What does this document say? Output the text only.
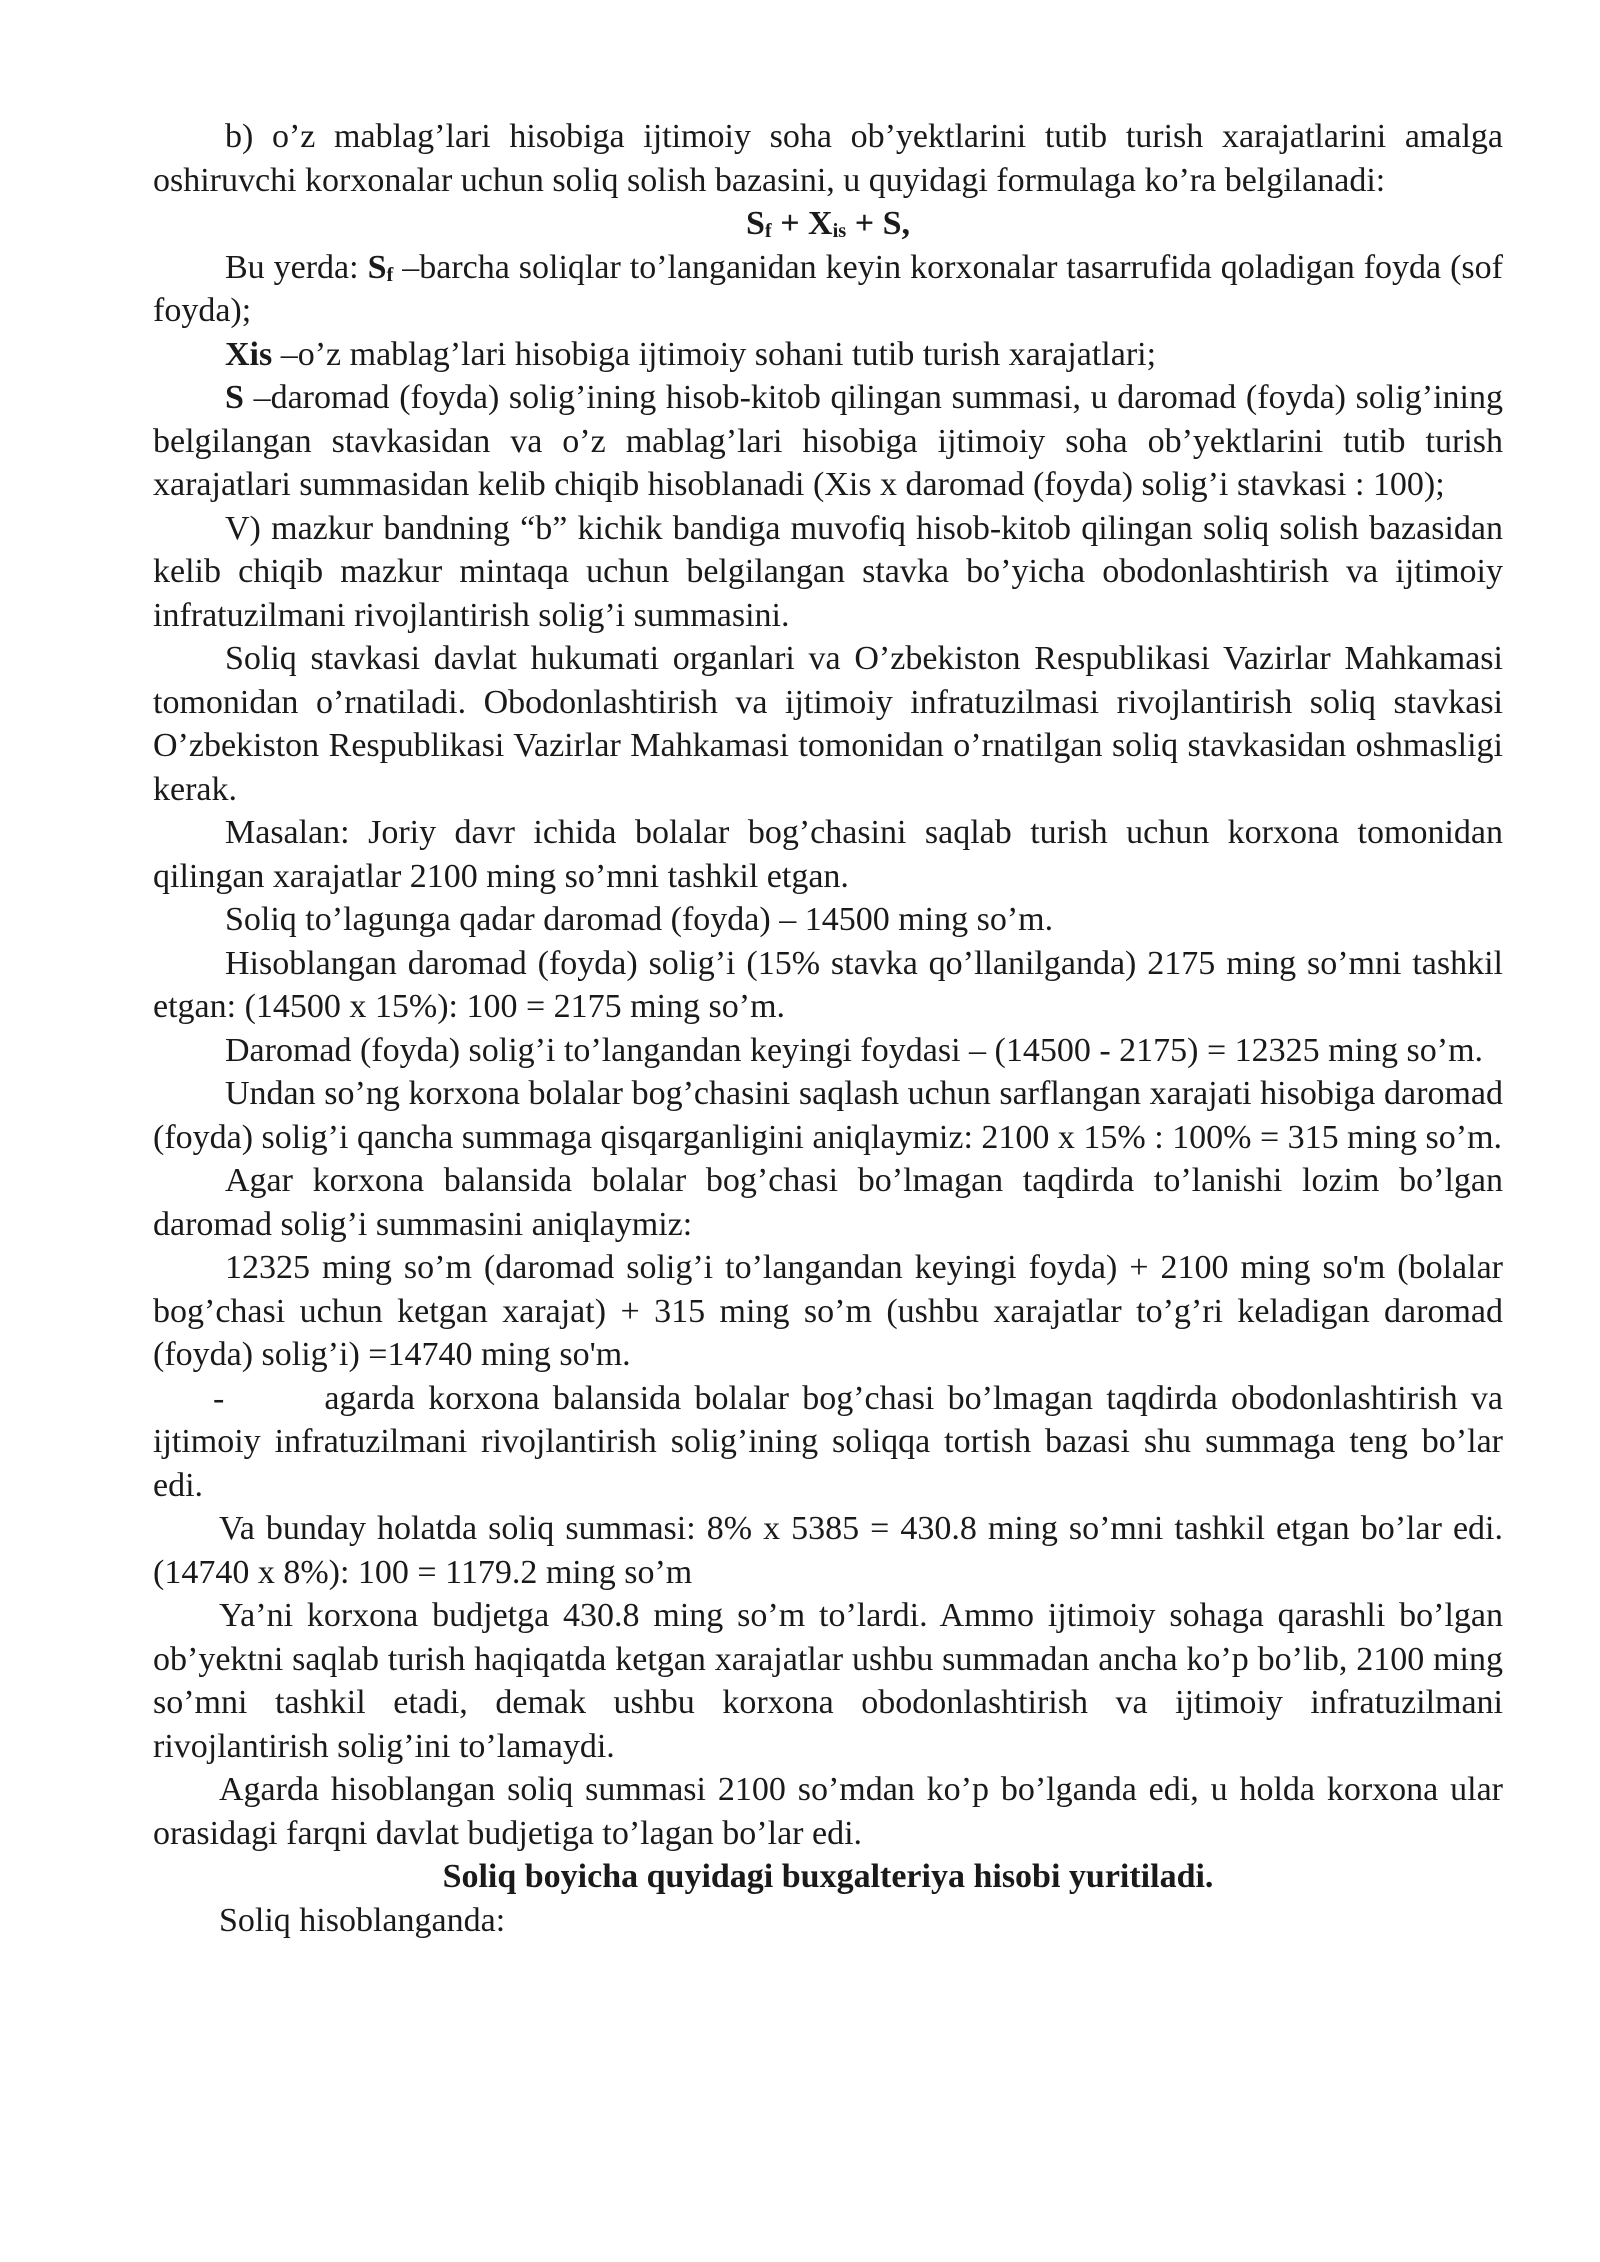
b) o’z mablag’lari hisobiga ijtimoiy soha ob’yektlarini tutib turish xarajatlarini amalga oshiruvchi korxonalar uchun soliq solish bazasini, u quyidagi formulaga ko’ra belgilanadi:

$S_f + X_{is} + S$,

Bu yerda: $S_f$ –barcha soliqlar to’langanidan keyin korxonalar tasarrufida qoladigan foyda (sof foyda);

Xis –o’z mablag’lari hisobiga ijtimoiy sohani tutib turish xarajatlari;

S –daromad (foyda) solig’ining hisob-kitob qilingan summasi, u daromad (foyda) solig’ining belgilangan stavkasidan va o’z mablag’lari hisobiga ijtimoiy soha ob’yektlarini tutib turish xarajatlari summasidan kelib chiqib hisoblanadi (Xis x daromad (foyda) solig’i stavkasi : 100);

V) mazkur bandning “b” kichik bandiga muvofiq hisob-kitob qilingan soliq solish bazasidan kelib chiqib mazkur mintaqa uchun belgilangan stavka bo’yicha obodonlashtirish va ijtimoiy infratuzilmani rivojlantirish solig’i summasini.

Soliq stavkasi davlat hukumati organlari va O’zbekiston Respublikasi Vazirlar Mahkamasi tomonidan o’rnatiladi. Obodonlashtirish va ijtimoiy infratuzilmasi rivojlantirish soliq stavkasi O’zbekiston Respublikasi Vazirlar Mahkamasi tomonidan o’rnatilgan soliq stavkasidan oshmasligi kerak.

Masalan: Joriy davr ichida bolalar bog’chasini saqlab turish uchun korxona tomonidan qilingan xarajatlar 2100 ming so’mni tashkil etgan.

Soliq to’lagunga qadar daromad (foyda) – 14500 ming so’m.

Hisoblangan daromad (foyda) solig’i (15% stavka qo’llanilganda) 2175 ming so’mni tashkil etgan: (14500 x 15%): 100 = 2175 ming so’m.

Daromad (foyda) solig’i to’langandan keyingi foydasi – (14500 - 2175) = 12325 ming so’m.

Undan so’ng korxona bolalar bog’chasini saqlash uchun sarflangan xarajati hisobiga daromad (foyda) solig’i qancha summaga qisqarganligini aniqlaymiz: 2100 x 15% : 100% = 315 ming so’m.

Agar korxona balansida bolalar bog’chasi bo’lmagan taqdirda to’lanishi lozim bo’lgan daromad solig’i summasini aniqlaymiz:

12325 ming so’m (daromad solig’i to’langandan keyingi foyda) + 2100 ming so'm (bolalar bog’chasi uchun ketgan xarajat) + 315 ming so’m (ushbu xarajatlar to’g’ri keladigan daromad (foyda) solig’i) =14740 ming so'm.

-	agarda korxona balansida bolalar bog’chasi bo’lmagan taqdirda obodonlashtirish va ijtimoiy infratuzilmani rivojlantirish solig’ining soliqqa tortish bazasi shu summaga teng bo’lar edi.

Va bunday holatda soliq summasi: 8% x 5385 = 430.8 ming so’mni tashkil etgan bo’lar edi. (14740 x 8%): 100 = 1179.2 ming so’m

Ya’ni korxona budjetga 430.8 ming so’m to’lardi. Ammo ijtimoiy sohaga qarashli bo’lgan ob’yektni saqlab turish haqiqatda ketgan xarajatlar ushbu summadan ancha ko’p bo’lib, 2100 ming so’mni tashkil etadi, demak ushbu korxona obodonlashtirish va ijtimoiy infratuzilmani rivojlantirish solig’ini to’lamaydi.

Agarda hisoblangan soliq summasi 2100 so’mdan ko’p bo’lganda edi, u holda korxona ular orasidagi farqni davlat budjetiga to’lagan bo’lar edi.

Soliq boyicha quyidagi buxgalteriya hisobi yuritiladi.

Soliq hisoblanganda:
